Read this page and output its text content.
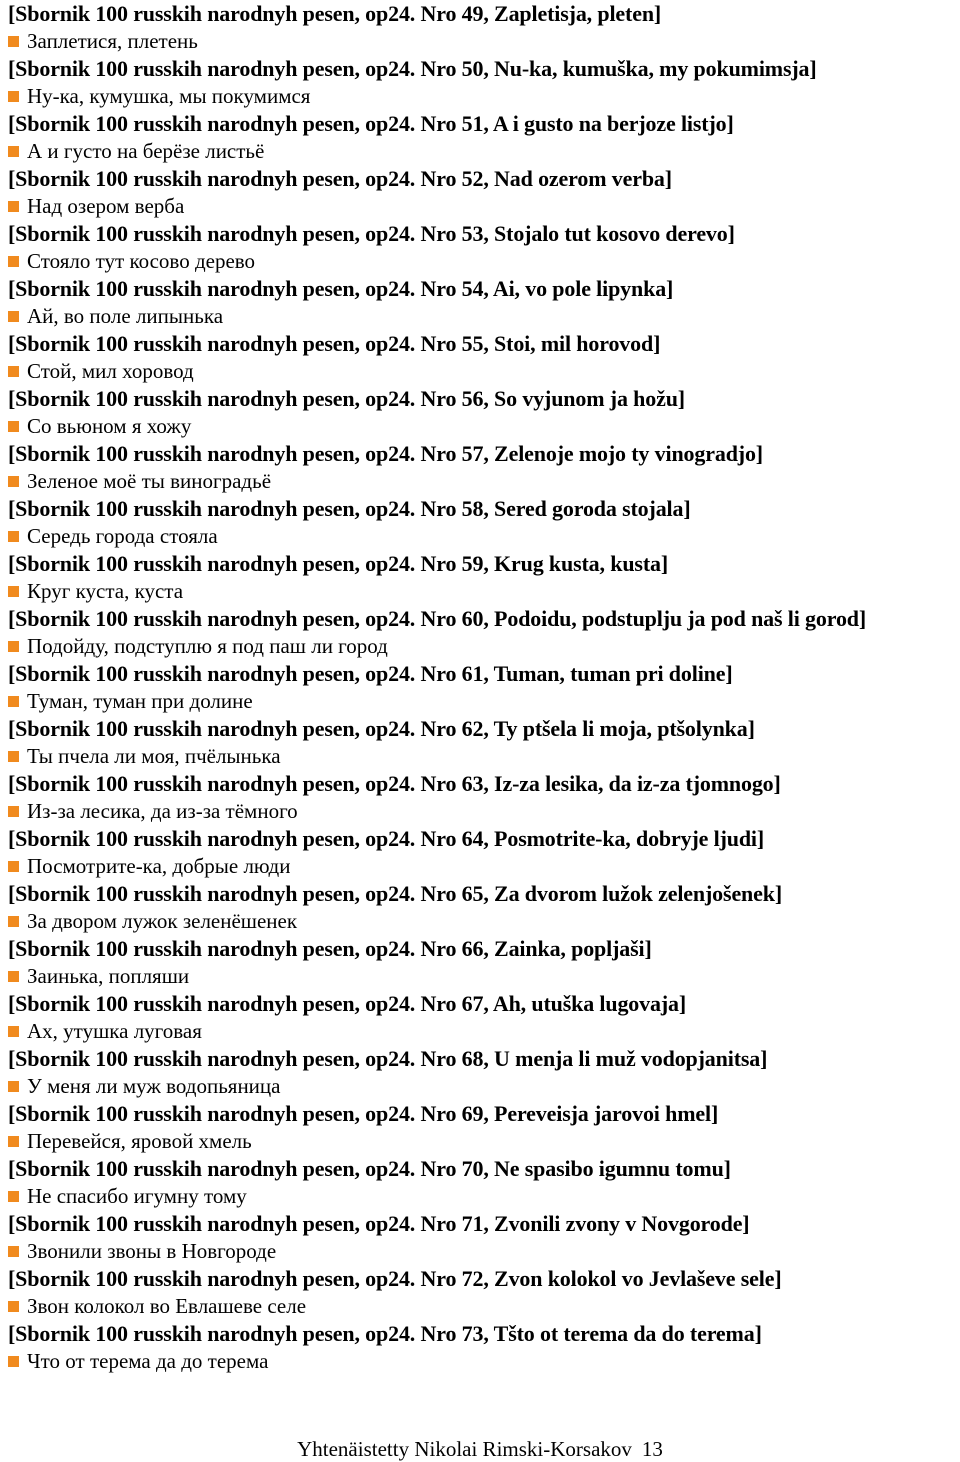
[Sbornik 100 russkih narodnyh pesen, op24. Nro 49, Zapletisja, pleten]
Заплетися, плетень
[Sbornik 100 russkih narodnyh pesen, op24. Nro 50, Nu-ka, kumuška, my pokumimsja]
Ну-ка, кумушка, мы покумимся
[Sbornik 100 russkih narodnyh pesen, op24. Nro 51, A i gusto na berjoze listjo]
А и густо на берёзе листьё
[Sbornik 100 russkih narodnyh pesen, op24. Nro 52, Nad ozerom verba]
Над озером верба
[Sbornik 100 russkih narodnyh pesen, op24. Nro 53, Stojalo tut kosovo derevo]
Стояло тут косово дерево
[Sbornik 100 russkih narodnyh pesen, op24. Nro 54, Ai, vo pole lipynka]
Ай, во поле липынька
[Sbornik 100 russkih narodnyh pesen, op24. Nro 55, Stoi, mil horovod]
Стой, мил хоровод
[Sbornik 100 russkih narodnyh pesen, op24. Nro 56, So vyjunom ja hožu]
Со вьюном я хожу
[Sbornik 100 russkih narodnyh pesen, op24. Nro 57, Zelenoje mojo ty vinogradjo]
Зеленое моё ты виноградьё
[Sbornik 100 russkih narodnyh pesen, op24. Nro 58, Sered goroda stojala]
Середь города стояла
[Sbornik 100 russkih narodnyh pesen, op24. Nro 59, Krug kusta, kusta]
Круг куста, куста
[Sbornik 100 russkih narodnyh pesen, op24. Nro 60, Podoidu, podstuplju ja pod naš li gorod]
Подойду, подступлю я под паш ли город
[Sbornik 100 russkih narodnyh pesen, op24. Nro 61, Tuman, tuman pri doline]
Туман, туман при долине
[Sbornik 100 russkih narodnyh pesen, op24. Nro 62, Ty ptšela li moja, ptšolynka]
Ты пчела ли моя, пчёлынька
[Sbornik 100 russkih narodnyh pesen, op24. Nro 63, Iz-za lesika, da iz-za tjomnogo]
Из-за лесика, да из-за тёмного
[Sbornik 100 russkih narodnyh pesen, op24. Nro 64, Posmotrite-ka, dobryje ljudi]
Посмотрите-ка, добрые люди
[Sbornik 100 russkih narodnyh pesen, op24. Nro 65, Za dvorom lužok zelenjošenek]
За двором лужок зеленёшенек
[Sbornik 100 russkih narodnyh pesen, op24. Nro 66, Zainka, popljaši]
Заинька, попляши
[Sbornik 100 russkih narodnyh pesen, op24. Nro 67, Ah, utuška lugovaja]
Ах, утушка луговая
[Sbornik 100 russkih narodnyh pesen, op24. Nro 68, U menja li muž vodopjanitsa]
У меня ли муж водопьяница
[Sbornik 100 russkih narodnyh pesen, op24. Nro 69, Pereveisja jarovoi hmel]
Перевейся, яровой хмель
[Sbornik 100 russkih narodnyh pesen, op24. Nro 70, Ne spasibo igumnu tomu]
Не спасибо игумну тому
[Sbornik 100 russkih narodnyh pesen, op24. Nro 71, Zvonili zvony v Novgorode]
Звонили звоны в Новгороде
[Sbornik 100 russkih narodnyh pesen, op24. Nro 72, Zvon kolokol vo Jevlaševe sele]
Звон колокол во Евлашеве селе
[Sbornik 100 russkih narodnyh pesen, op24. Nro 73, Tšto ot terema da do terema]
Что от терема да до терема
Yhtenäistetty Nikolai Rimski-Korsakov 13
